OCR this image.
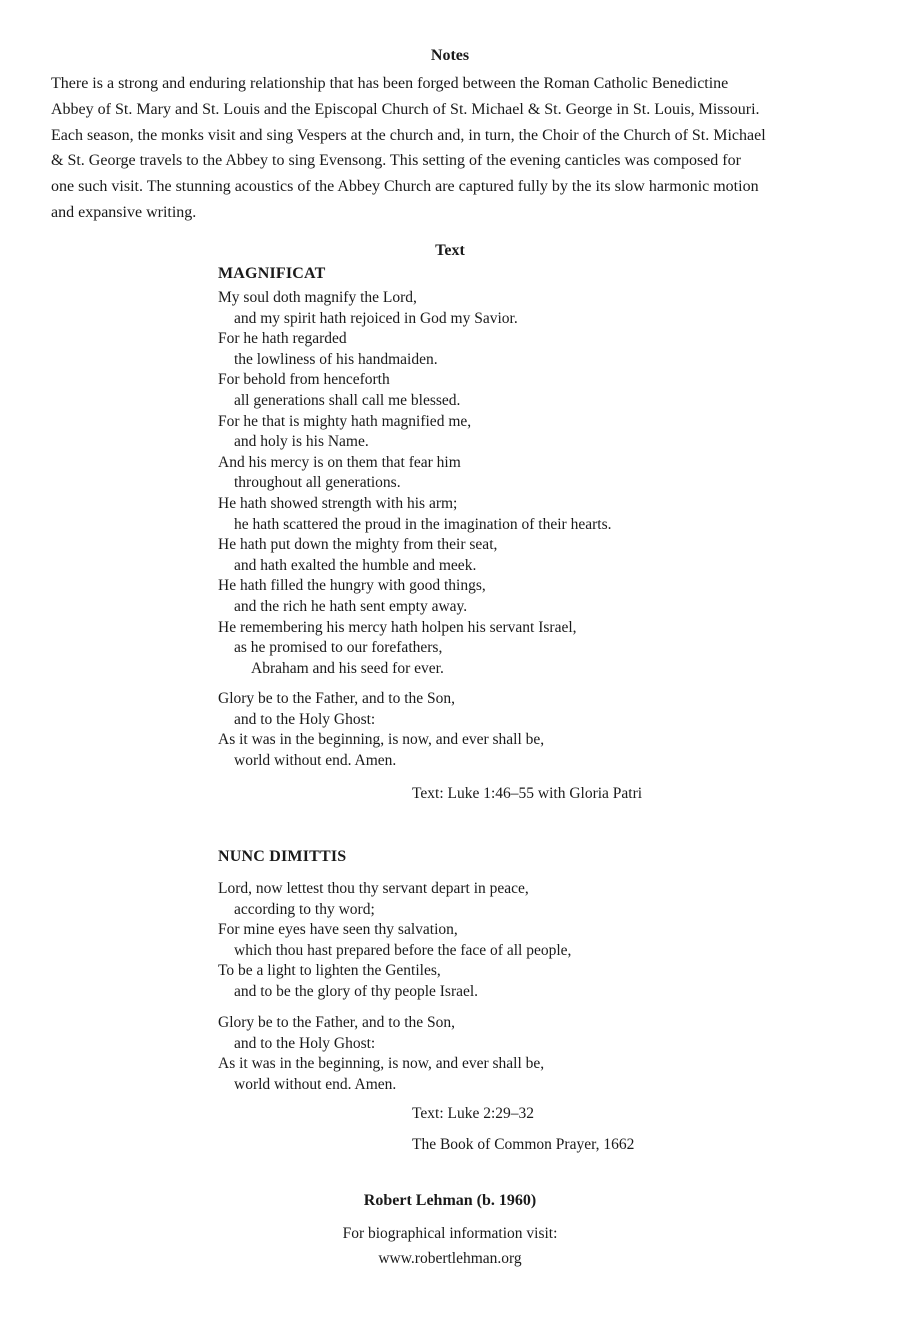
Notes
There is a strong and enduring relationship that has been forged between the Roman Catholic Benedictine
Abbey of St. Mary and St. Louis and the Episcopal Church of St. Michael & St. George in St. Louis, Missouri.
Each season, the monks visit and sing Vespers at the church and, in turn, the Choir of the Church of St. Michael
& St. George travels to the Abbey to sing Evensong. This setting of the evening canticles was composed for
one such visit. The stunning acoustics of the Abbey Church are captured fully by the its slow harmonic motion
and expansive writing.
Text
MAGNIFICAT
My soul doth magnify the Lord,
and my spirit hath rejoiced in God my Savior.
For he hath regarded
the lowliness of his handmaiden.
For behold from henceforth
all generations shall call me blessed.
For he that is mighty hath magnified me,
and holy is his Name.
And his mercy is on them that fear him
throughout all generations.
He hath showed strength with his arm;
he hath scattered the proud in the imagination of their hearts.
He hath put down the mighty from their seat,
and hath exalted the humble and meek.
He hath filled the hungry with good things,
and the rich he hath sent empty away.
He remembering his mercy hath holpen his servant Israel,
as he promised to our forefathers,
Abraham and his seed for ever.
Glory be to the Father, and to the Son,
and to the Holy Ghost:
As it was in the beginning, is now, and ever shall be,
world without end. Amen.
Text: Luke 1:46–55 with Gloria Patri
NUNC DIMITTIS
Lord, now lettest thou thy servant depart in peace,
according to thy word;
For mine eyes have seen thy salvation,
which thou hast prepared before the face of all people,
To be a light to lighten the Gentiles,
and to be the glory of thy people Israel.
Glory be to the Father, and to the Son,
and to the Holy Ghost:
As it was in the beginning, is now, and ever shall be,
world without end. Amen.
Text: Luke 2:29–32
The Book of Common Prayer, 1662
Robert Lehman (b. 1960)
For biographical information visit:
www.robertlehman.org
